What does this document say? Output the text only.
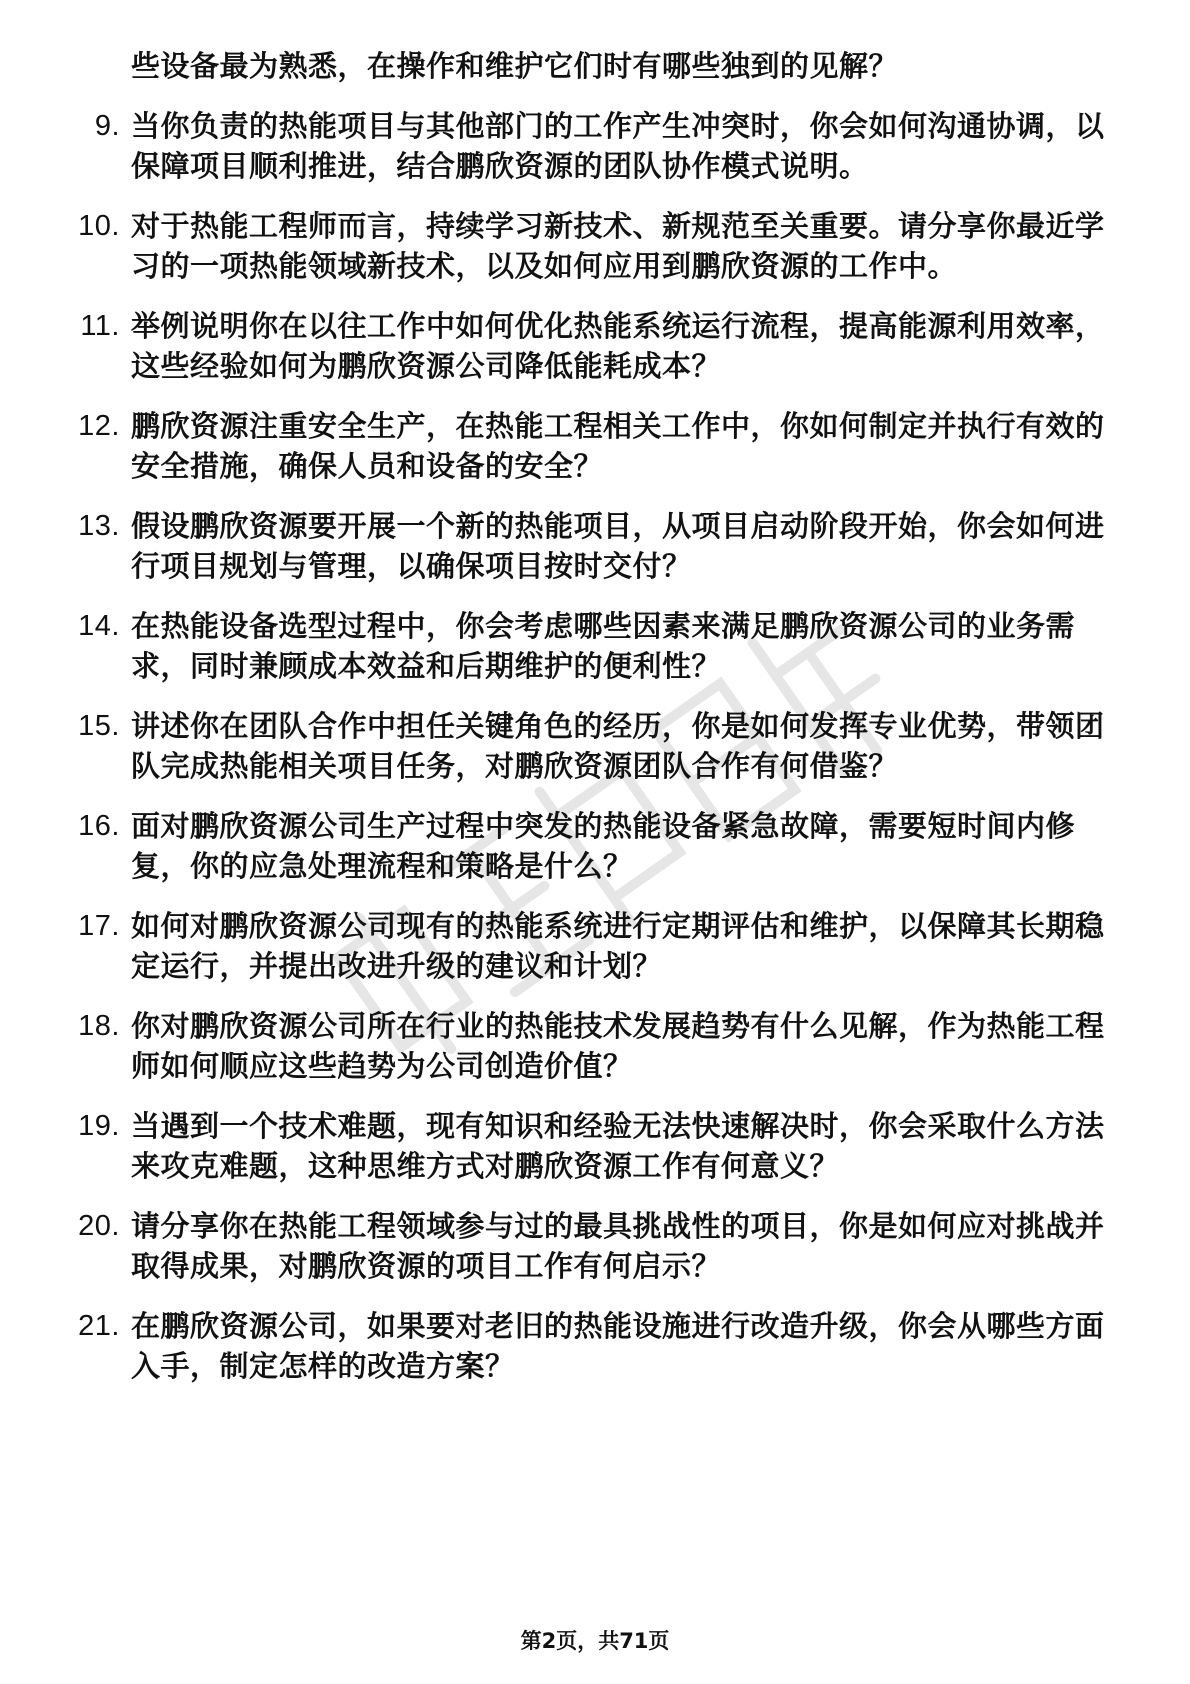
些设备最为熟悉，在操作和维护它们时有哪些独到的见解？
9. 当你负责的热能项目与其他部门的工作产生冲突时，你会如何沟通协调，以保障项目顺利推进，结合鹏欣资源的团队协作模式说明。
10. 对于热能工程师而言，持续学习新技术、新规范至关重要。请分享你最近学习的一项热能领域新技术，以及如何应用到鹏欣资源的工作中。
11. 举例说明你在以往工作中如何优化热能系统运行流程，提高能源利用效率，这些经验如何为鹏欣资源公司降低能耗成本？
12. 鹏欣资源注重安全生产，在热能工程相关工作中，你如何制定并执行有效的安全措施，确保人员和设备的安全？
13. 假设鹏欣资源要开展一个新的热能项目，从项目启动阶段开始，你会如何进行项目规划与管理，以确保项目按时交付？
14. 在热能设备选型过程中，你会考虑哪些因素来满足鹏欣资源公司的业务需求，同时兼顾成本效益和后期维护的便利性？
15. 讲述你在团队合作中担任关键角色的经历，你是如何发挥专业优势，带领团队完成热能相关项目任务，对鹏欣资源团队合作有何借鉴？
16. 面对鹏欣资源公司生产过程中突发的热能设备紧急故障，需要短时间内修复，你的应急处理流程和策略是什么？
17. 如何对鹏欣资源公司现有的热能系统进行定期评估和维护，以保障其长期稳定运行，并提出改进升级的建议和计划？
18. 你对鹏欣资源公司所在行业的热能技术发展趋势有什么见解，作为热能工程师如何顺应这些趋势为公司创造价值？
19. 当遇到一个技术难题，现有知识和经验无法快速解决时，你会采取什么方法来攻克难题，这种思维方式对鹏欣资源工作有何意义？
20. 请分享你在热能工程领域参与过的最具挑战性的项目，你是如何应对挑战并取得成果，对鹏欣资源的项目工作有何启示？
21. 在鹏欣资源公司，如果要对老旧的热能设施进行改造升级，你会从哪些方面入手，制定怎样的改造方案？
第2页，共71页
